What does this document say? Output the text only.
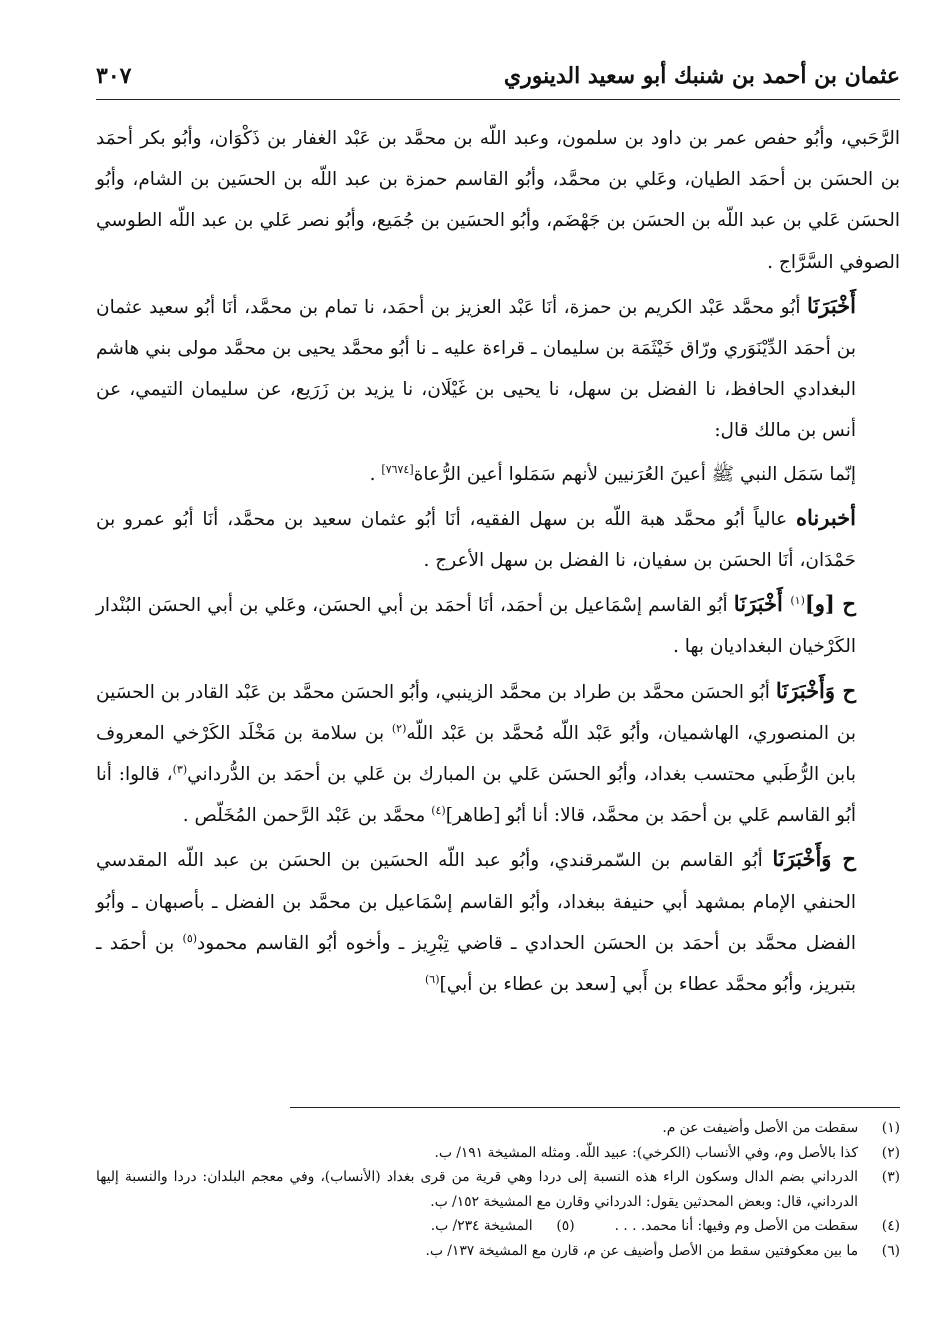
عثمان بن أحمد بن شنبك أبو سعيد الدينوري
٣٠٧

الرَّحَبي، وأبُو حفص عمر بن داود بن سلمون، وعبد اللّه بن محمَّد بن عَبْد الغفار بن ذَكْوَان، وأبُو بكر أحمَد بن الحسَن بن أحمَد الطيان، وعَلي بن محمَّد، وأبُو القاسم حمزة بن عبد اللّه بن الحسَين بن الشام، وأبُو الحسَن عَلي بن عبد اللّه بن الحسَن بن جَهْضَم، وأبُو الحسَين بن جُمَيع، وأبُو نصر عَلي بن عبد اللّه الطوسي الصوفي السَّرَّاج .

أَخْبَرَنَا أبُو محمَّد عَبْد الكريم بن حمزة، أنَا عَبْد العزيز بن أحمَد، نا تمام بن محمَّد، أنَا أبُو سعيد عثمان بن أحمَد الدِّيْنَوَري ورّاق خَيْثَمَة بن سليمان ـ قراءة عليه ـ نا أبُو محمَّد يحيى بن محمَّد مولى بني هاشم البغدادي الحافظ، نا الفضل بن سهل، نا يحيى بن غَيْلَان، نا يزيد بن زَرَيع، عن سليمان التيمي، عن أنس بن مالك قال:

إنّما سَمَل النبي ﷺ أعينَ العُرَنيين لأنهم سَمَلوا أعين الرُّعاة[٧٦٧٤] .

أخبرناه عالياً أبُو محمَّد هبة اللّه بن سهل الفقيه، أنَا أبُو عثمان سعيد بن محمَّد، أنَا أبُو عمرو بن حَمْدَان، أنَا الحسَن بن سفيان، نا الفضل بن سهل الأعرج .

ح [و]$^{(١)}$ أَخْبَرَنَا أبُو القاسم إسْمَاعيل بن أحمَد، أنَا أحمَد بن أبي الحسَن، وعَلي بن أبي الحسَن البُنْدار الكَرْخيان البغداديان بها .

ح وَأَخْبَرَنَا أبُو الحسَن محمَّد بن طراد بن محمَّد الزينبي، وأبُو الحسَن محمَّد بن عَبْد القادر بن الحسَين بن المنصوري، الهاشميان، وأبُو عَبْد اللّه مُحمَّد بن عَبْد اللّه$^{(٢)}$ بن سلامة بن مَخْلَد الكَرْخي المعروف بابن الرُّطَبي محتسب بغداد، وأبُو الحسَن عَلي بن المبارك بن عَلي بن أحمَد بن الدُّرداني$^{(٣)}$، قالوا: أنا أبُو القاسم عَلي بن أحمَد بن محمَّد، قالا: أنا أبُو [طاهر]$^{(٤)}$ محمَّد بن عَبْد الرَّحمن المُخَلّص .

ح وَأَخْبَرَنَا أبُو القاسم بن السّمرقندي، وأبُو عبد اللّه الحسَين بن الحسَن بن عبد اللّه المقدسي الحنفي الإمام بمشهد أبي حنيفة ببغداد، وأبُو القاسم إسْمَاعيل بن محمَّد بن الفضل ـ بأصبهان ـ وأبُو الفضل محمَّد بن أحمَد بن الحسَن الحدادي ـ قاضي تِبْرِيز ـ وأخوه أبُو القاسم محمود$^{(٥)}$ بن أحمَد ـ بتبريز، وأبُو محمَّد عطاء بن أَبي [سعد بن عطاء بن أبي]$^{(٦)}$

(١)
سقطت من الأصل وأضيفت عن م.
(٢)
كذا بالأصل وم، وفي الأنساب (الكرخي): عبيد اللّه. ومثله المشيخة ١٩١/ ب.
(٣)
الدرداني بضم الدال وسكون الراء هذه النسبة إلى دردا وهي قرية من قرى بغداد (الأنساب)، وفي معجم البلدان: دردا والنسبة إليها الدرداني، قال: وبعض المحدثين يقول: الدرداني وقارن مع المشيخة ١٥٢/ ب.
(٤)
سقطت من الأصل وم وفيها: أنا محمد. . . .
(٥)
المشيخة ٢٣٤/ ب.
(٦)
ما بين معكوفتين سقط من الأصل وأضيف عن م، قارن مع المشيخة ١٣٧/ ب.
